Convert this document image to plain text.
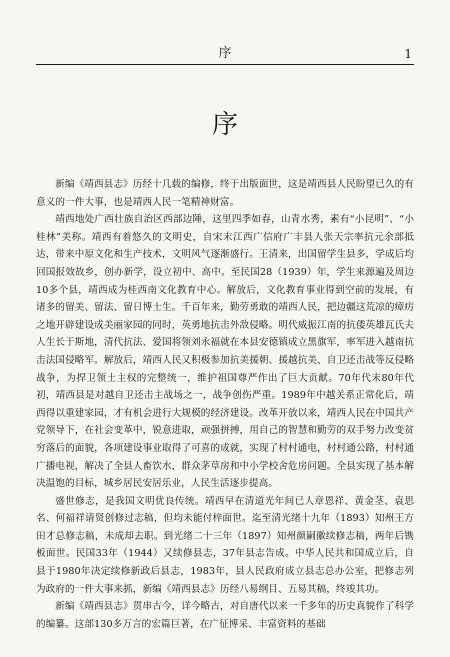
序	1
序

新编《靖西县志》历经十几载的编修，终于出版面世，这是靖西县人民盼望已久的有意义的一件大事，也是靖西人民一笔精神财富。

靖西地处广西壮族自治区西部边陲，这里四季如春，山青水秀，素有“小昆明”、“小桂林”美称。靖西有着悠久的文明史，自宋末江西广信府广丰县人张天宗率抗元余部抵达，带来中原文化和生产技术，文明风气逐渐盛行。王清来，出国留学生县多，学成后均回国报效故乡，创办新学，设立初中、高中。至民国28（1939）年，学生来源遍及周边10多个县，靖西成为桂西南文化教育中心。解放后，文化教育事业得到空前的发展，有诸多的留美、留法、留日博士生。千百年来，勤劳勇敢的靖西人民，把边疆这荒凉的瘴疠之地开辟建设成美丽家园的同时，英勇地抗击外敌侵略。明代威振江南的抗倭英雄瓦氏夫人生长于斯地，清代抗法、爱国将领刘永福就在本县安德镇成立黑旗军，率军进入越南抗击法国侵略军。解放后，靖西人民又积极参加抗美援朝、援越抗美、自卫还击战等反侵略战争，为捍卫领土主权的完整统一，维护祖国尊严作出了巨大贡献。70年代末80年代初，靖西县是对越自卫还击主战场之一，战争创伤严重。1989年中越关系正常化后，靖西得以重建家园，才有机会进行大规模的经济建设。改革开放以来，靖西人民在中国共产党领导下，在社会变革中，锐意进取，顽强拼搏，用自己的智慧和勤劳的双手努力改变贫穷落后的面貌，各项建设事业取得了可喜的成就，实现了村村通电，村村通公路，村村通广播电视，解决了全县人畜饮水，群众茅草房和中小学校舍危房问题。全县实现了基本解决温饱的目标，城乡居民安居乐业，人民生活逐步提高。

盛世修志，是我国文明优良传统。靖西早在清道光年间已人章恩祥、黄金茎、袁思名、何福祥请贤创修过志稿，但均未能付梓面世。迄至清光绪十九年（1893）知州王方田才总修志稿，未成却去职。到光绪二十三年（1897）知州颜嗣徽续修志稿，两年后镌板面世。民国33年（1944）又续修县志，37年县志告成。中华人民共和国成立后，自县于1980年决定续修新政后县志，1983年，县人民政府成立县志总办公室，把修志列为政府的一件大事来抓，新编《靖西县志》历经八易纲目、五易其稿，终竣其功。

新编《靖西县志》贯串古今，详今略古，对自唐代以来一千多年的历史真貌作了科学的编纂。这部130多万言的宏篇巨著，在广征博采、丰富资料的基础
